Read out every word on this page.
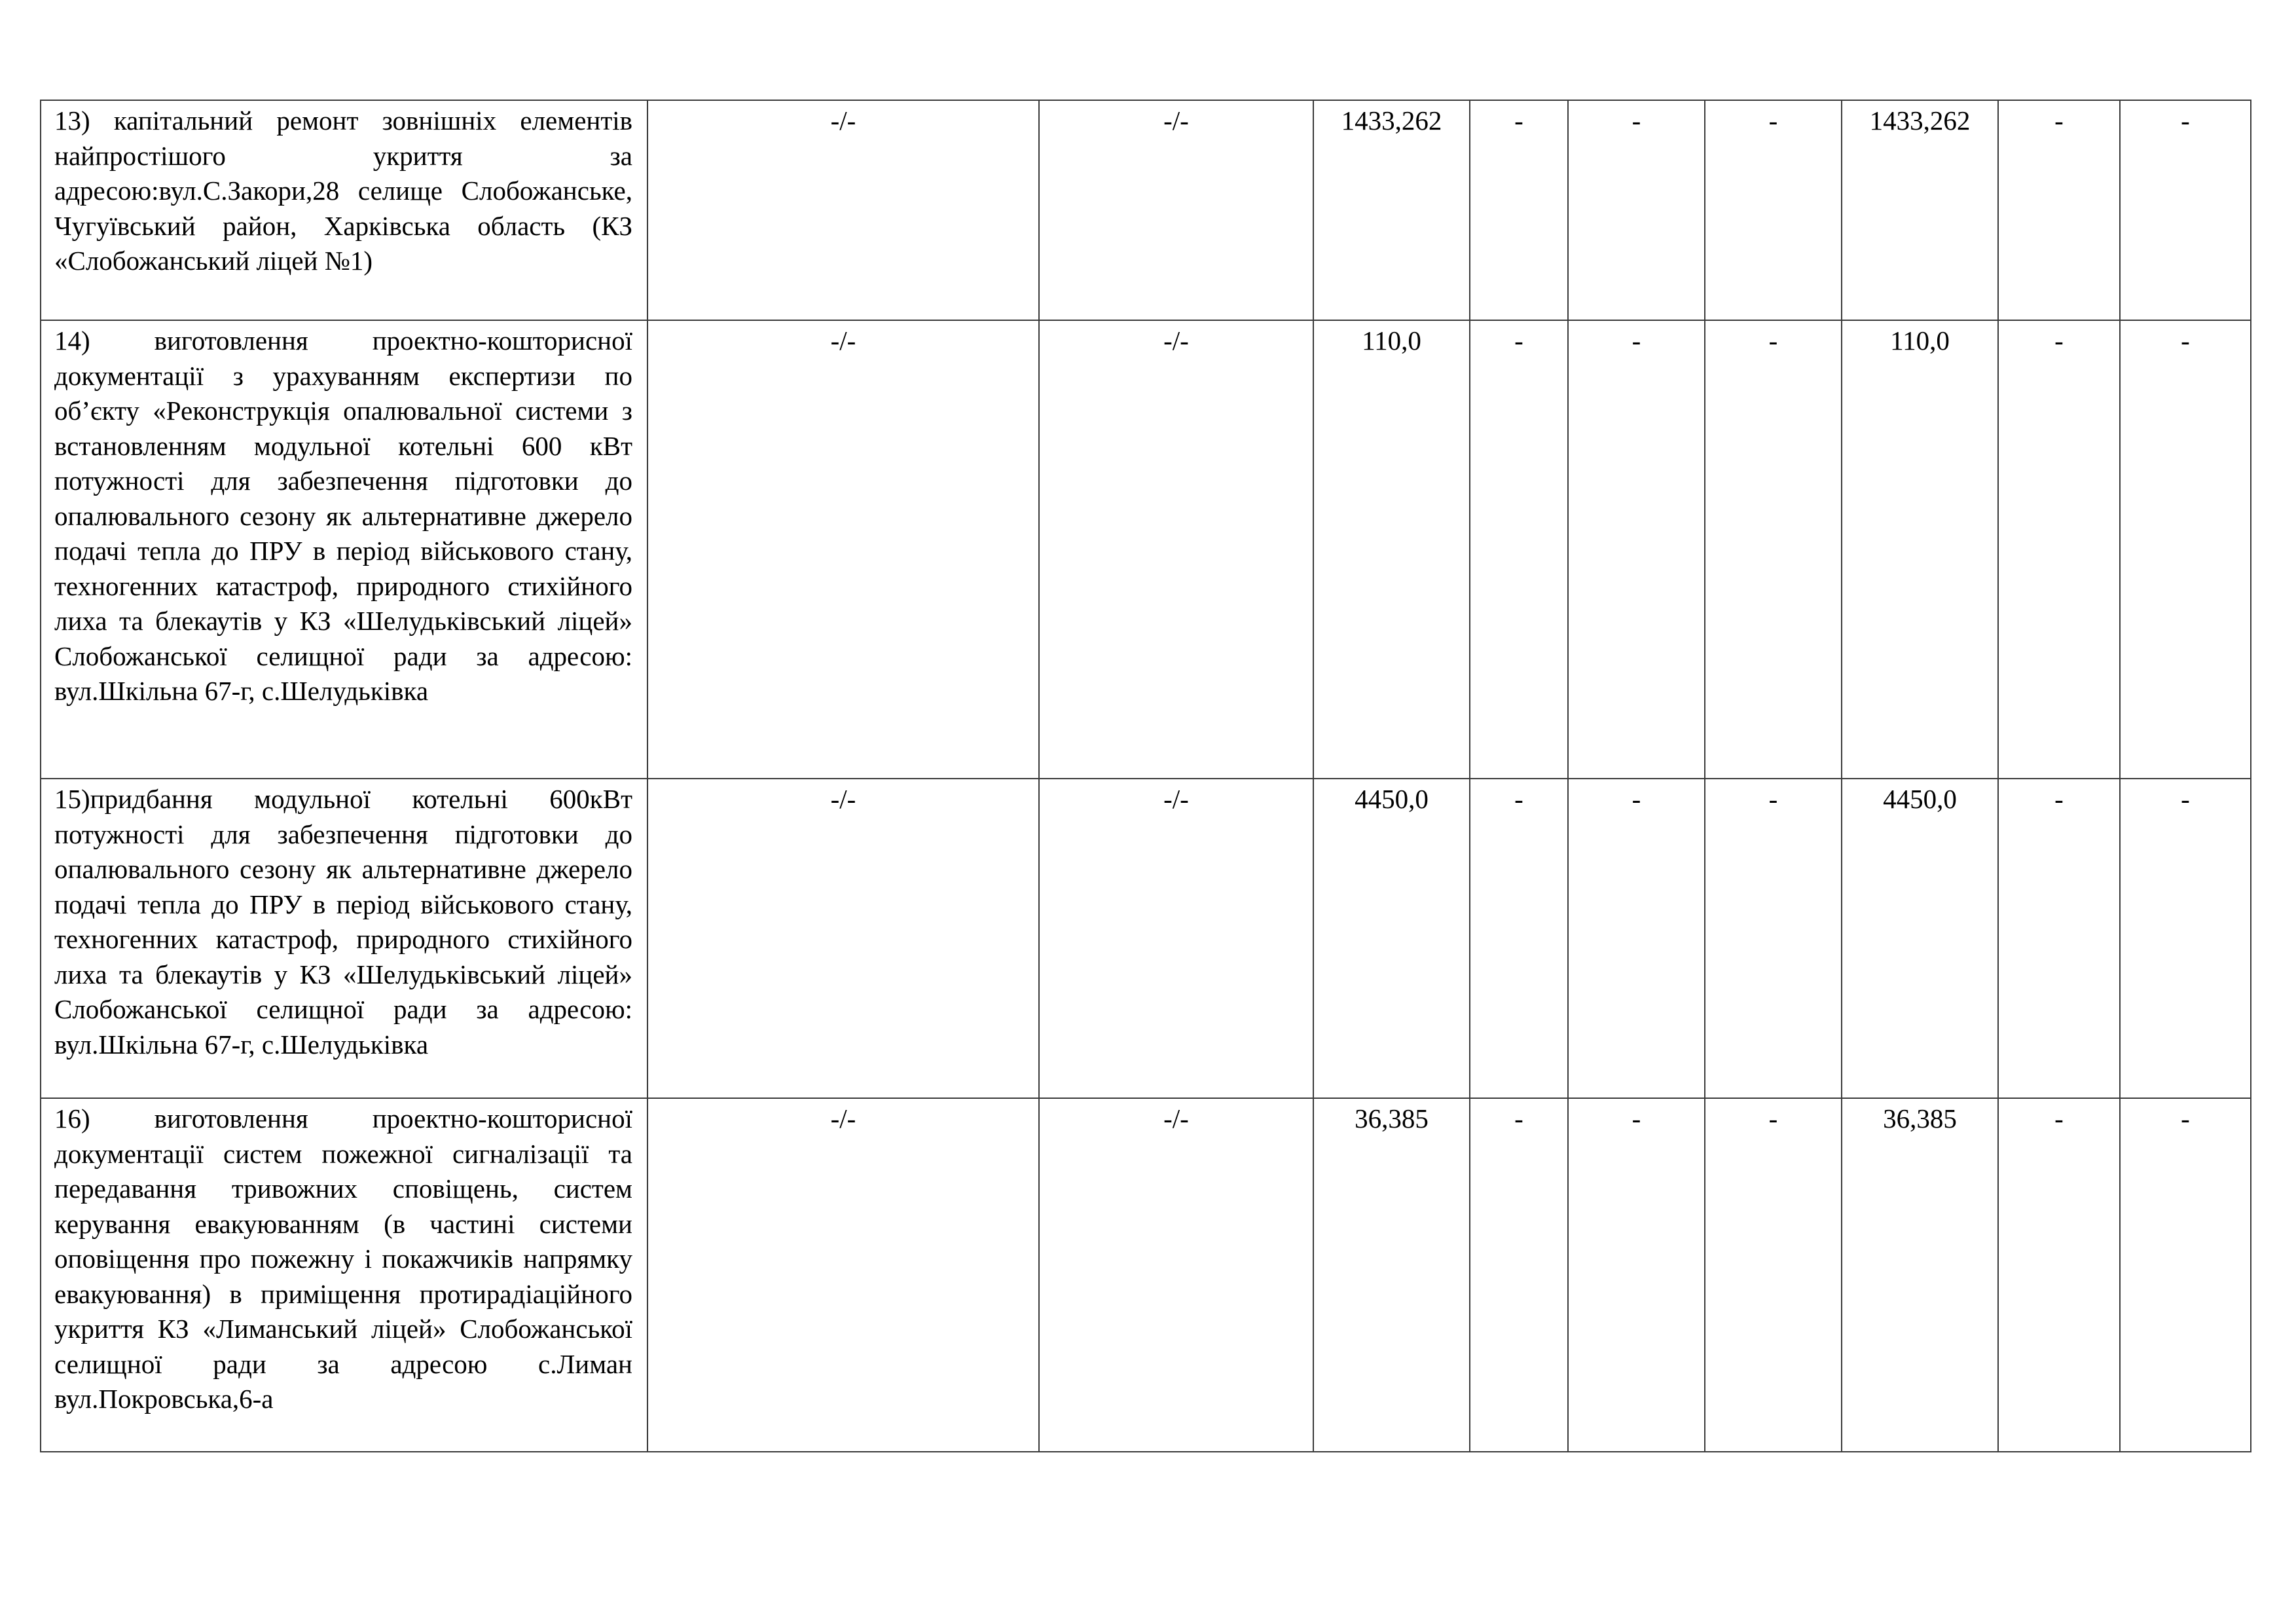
13) капітальний ремонт зовнішніх елементів найпростішого укриття за адресою:вул.С.Закори,28 селище Слобожанське, Чугуївський район, Харківська область (КЗ «Слобожанський ліцей №1)	-/-	-/-	1433,262	-	-	-	1433,262	-	-
14) виготовлення проектно-кошторисної документації з урахуванням експертизи по об’єкту «Реконструкція опалювальної системи з встановленням модульної котельні 600 кВт потужності для забезпечення підготовки до опалювального сезону як альтернативне джерело подачі тепла до ПРУ в період військового стану, техногенних катастроф, природного стихійного лиха та блекаутів у КЗ «Шелудьківський ліцей» Слобожанської селищної ради за адресою: вул.Шкільна 67-г, с.Шелудьківка	-/-	-/-	110,0	-	-	-	110,0	-	-
15)придбання модульної котельні 600кВт потужності для забезпечення підготовки до опалювального сезону як альтернативне джерело подачі тепла до ПРУ в період військового стану, техногенних катастроф, природного стихійного лиха та блекаутів у КЗ «Шелудьківський ліцей» Слобожанської селищної ради за адресою: вул.Шкільна 67-г, с.Шелудьківка	-/-	-/-	4450,0	-	-	-	4450,0	-	-
16) виготовлення проектно-кошторисної документації систем пожежної сигналізації та передавання тривожних сповіщень, систем керування евакуюванням (в частині системи оповіщення про пожежну і покажчиків напрямку евакуювання) в приміщення протирадіаційного укриття КЗ «Лиманський ліцей» Слобожанської селищної ради за адресою с.Лиман вул.Покровська,6-а	-/-	-/-	36,385	-	-	-	36,385	-	-
